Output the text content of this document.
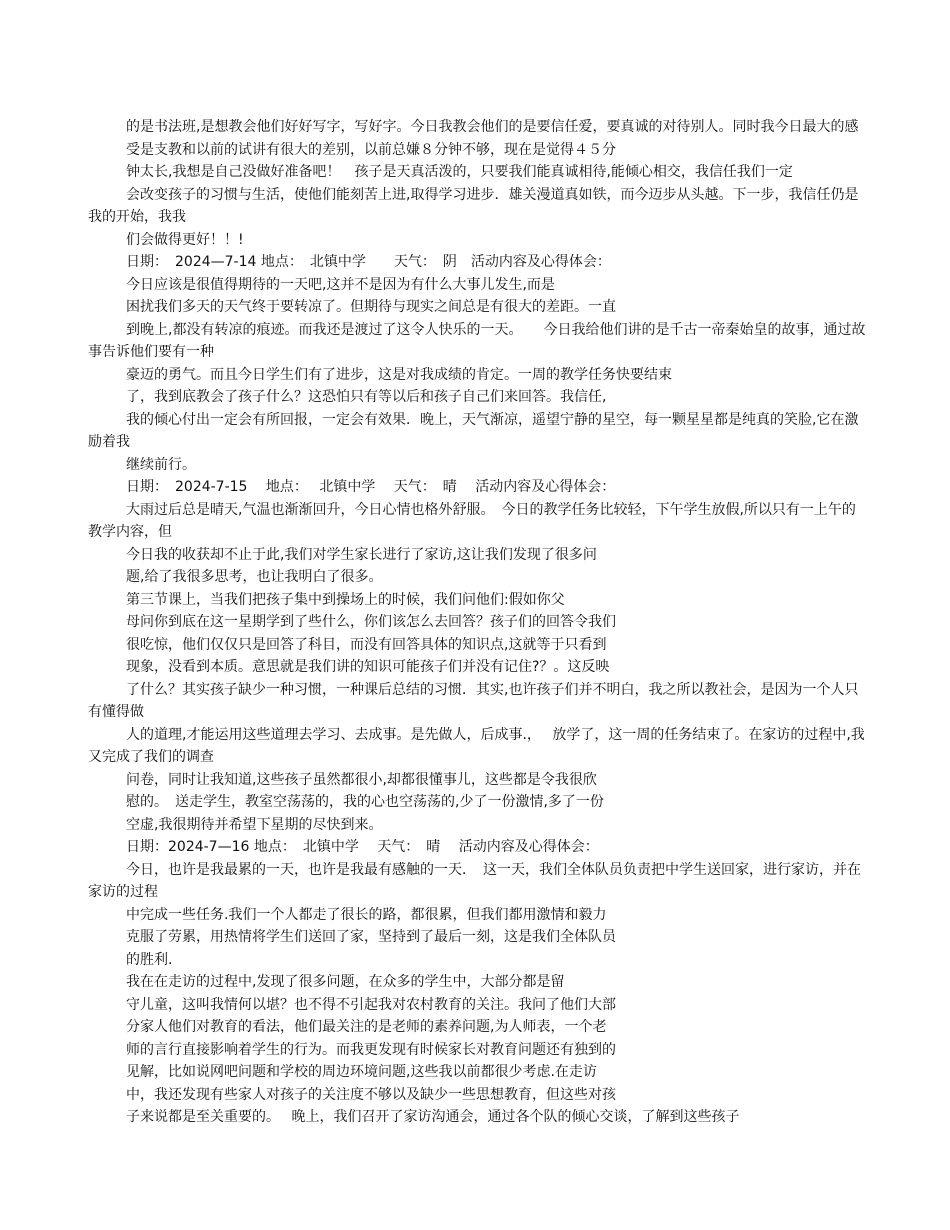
的是书法班,是想教会他们好好写字，写好字。今日我教会他们的是要信任爱，要真诚的对待别人。同时我今日最大的感
受是支教和以前的试讲有很大的差别，以前总嫌８分钟不够，现在是觉得４５分
钟太长,我想是自己没做好准备吧！　孩子是天真活泼的，只要我们能真诚相待,能倾心相交，我信任我们一定
会改变孩子的习惯与生活，使他们能刻苦上进,取得学习进步．雄关漫道真如铁，而今迈步从头越。下一步，我信任仍是我的开始，我我
们会做得更好！！!
日期：　2024—7-14 地点：　北镇中学　　天气：　阴　活动内容及心得体会：
今日应该是很值得期待的一天吧,这并不是因为有什么大事儿发生,而是
困扰我们多天的天气终于要转凉了。但期待与现实之间总是有很大的差距。一直
到晚上,都没有转凉的痕迹。而我还是渡过了这令人快乐的一天。　　今日我给他们讲的是千古一帝秦始皇的故事，通过故事告诉他们要有一种
豪迈的勇气。而且今日学生们有了进步，这是对我成绩的肯定。一周的教学任务快要结束
了，我到底教会了孩子什么？这恐怕只有等以后和孩子自己们来回答。我信任,
我的倾心付出一定会有所回报，一定会有效果．晚上，天气渐凉，遥望宁静的星空，每一颗星星都是纯真的笑脸,它在激励着我
继续前行。
日期：　2024-7-15　 地点：　 北镇中学　 天气：　晴　 活动内容及心得体会：
大雨过后总是晴天,气温也渐渐回升，今日心情也格外舒服。　今日的教学任务比较轻，下午学生放假,所以只有一上午的教学内容，但
今日我的收获却不止于此,我们对学生家长进行了家访,这让我们发现了很多问
题,给了我很多思考，也让我明白了很多。
第三节课上，当我们把孩子集中到操场上的时候，我们问他们:假如你父
母问你到底在这一星期学到了些什么，你们该怎么去回答？孩子们的回答令我们
很吃惊，他们仅仅只是回答了科目，而没有回答具体的知识点,这就等于只看到
现象，没看到本质。意思就是我们讲的知识可能孩子们并没有记住?？。这反映
了什么？其实孩子缺少一种习惯，一种课后总结的习惯．其实,也许孩子们并不明白，我之所以教社会，是因为一个人只有懂得做
人的道理,才能运用这些道理去学习、去成事。是先做人，后成事.，　 放学了，这一周的任务结束了。在家访的过程中,我又完成了我们的调查
问卷，同时让我知道,这些孩子虽然都很小,却都很懂事儿，这些都是令我很欣
慰的。　送走学生，教室空荡荡的，我的心也空荡荡的,少了一份激情,多了一份
空虚,我很期待并希望下星期的尽快到来。
日期：2024-7—16 地点：　北镇中学　 天气：　晴　 活动内容及心得体会：
今日，也许是我最累的一天，也许是我最有感触的一天．　这一天，我们全体队员负责把中学生送回家，进行家访，并在家访的过程
中完成一些任务.我们一个人都走了很长的路，都很累，但我们都用激情和毅力
克服了劳累，用热情将学生们送回了家，坚持到了最后一刻，这是我们全体队员
的胜利.
我在在走访的过程中,发现了很多问题，在众多的学生中，大部分都是留
守儿童，这叫我情何以堪？也不得不引起我对农村教育的关注。我问了他们大部
分家人他们对教育的看法，他们最关注的是老师的素养问题,为人师表，一个老
师的言行直接影响着学生的行为。而我更发现有时候家长对教育问题还有独到的
见解，比如说网吧问题和学校的周边环境问题,这些我以前都很少考虑.在走访
中，我还发现有些家人对孩子的关注度不够以及缺少一些思想教育，但这些对孩
子来说都是至关重要的。　 晚上，我们召开了家访沟通会，通过各个队的倾心交谈，了解到这些孩子
